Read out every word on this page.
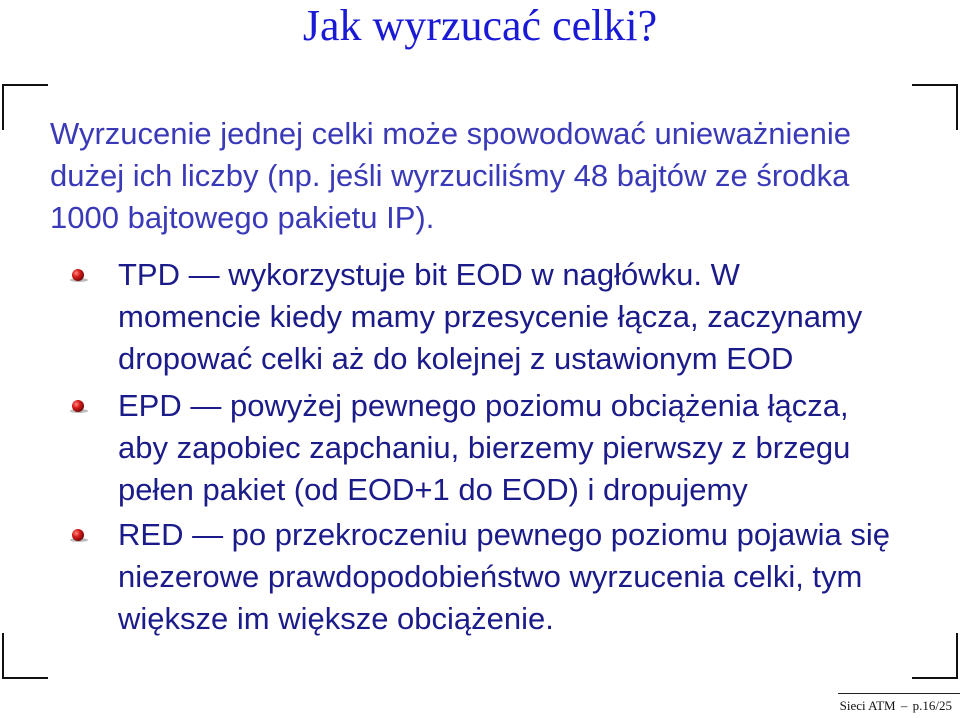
Jak wyrzucać celki?

Wyrzucenie jednej celki może spowodować unieważnienie
dużej ich liczby (np. jeśli wyrzuciliśmy 48 bajtów ze środka
1000 bajtowego pakietu IP).

TPD — wykorzystuje bit EOD w nagłówku. W
momencie kiedy mamy przesycenie łącza, zaczynamy
dropować celki aż do kolejnej z ustawionym EOD
EPD — powyżej pewnego poziomu obciążenia łącza,
aby zapobiec zapchaniu, bierzemy pierwszy z brzegu
pełen pakiet (od EOD+1 do EOD) i dropujemy
RED — po przekroczeniu pewnego poziomu pojawia się
niezerowe prawdopodobieństwo wyrzucenia celki, tym
większe im większe obciążenie.
Sieci ATM – p.16/25
